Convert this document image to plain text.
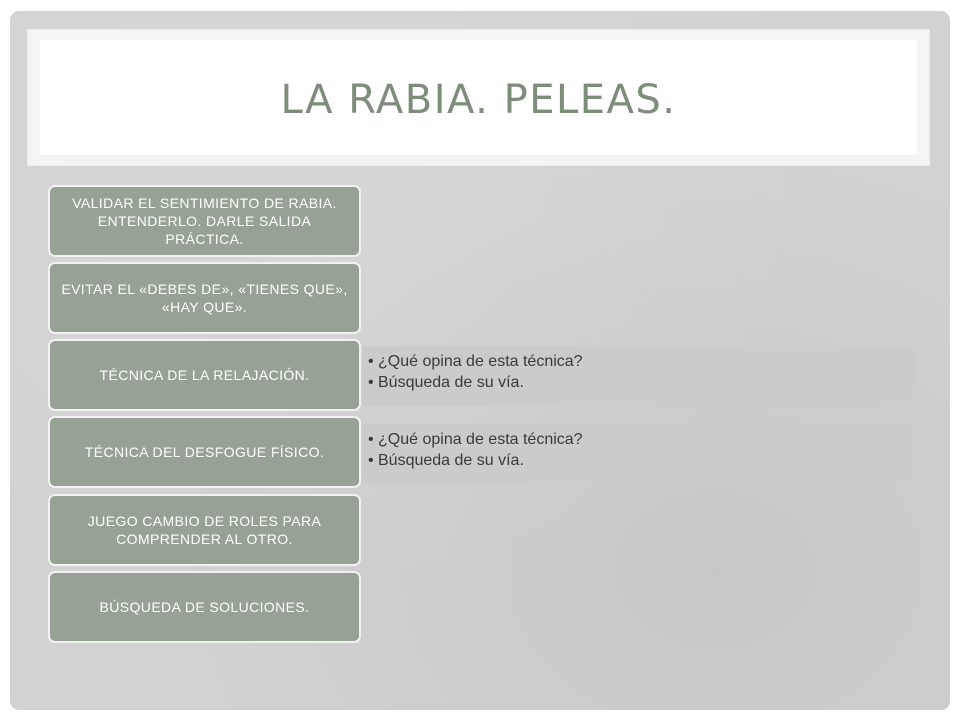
LA RABIA. PELEAS.
• ¿Qué opina de esta técnica?
• Búsqueda de su vía.
• ¿Qué opina de esta técnica?
• Búsqueda de su vía.
VALIDAR EL SENTIMIENTO DE RABIA. ENTENDERLO. DARLE SALIDA PRÁCTICA.
EVITAR EL «DEBES DE», «TIENES QUE», «HAY QUE».
TÉCNICA DE LA RELAJACIÓN.
TÉCNICA DEL DESFOGUE FÍSICO.
JUEGO CAMBIO DE ROLES PARA COMPRENDER AL OTRO.
BÚSQUEDA DE SOLUCIONES.
